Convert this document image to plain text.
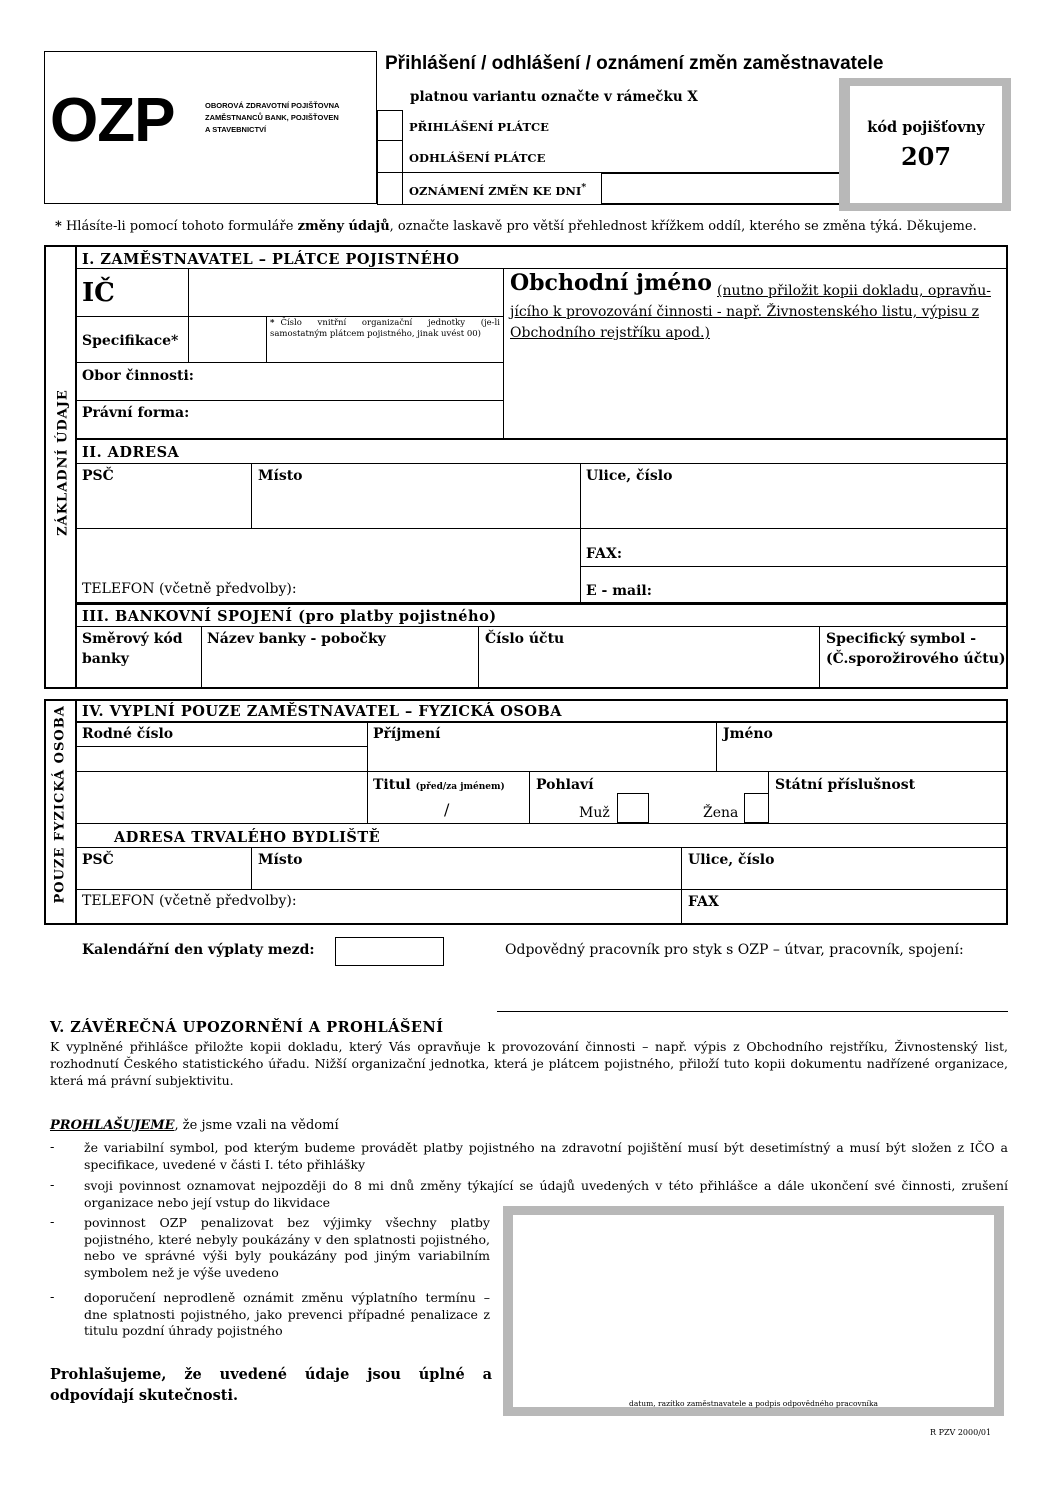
OZP	OBOROVÁ ZDRAVOTNÍ POJIŠŤOVNA
ZAMĚSTNANCŮ BANK, POJIŠŤOVEN
A STAVEBNICTVÍ
Přihlášení / odhlášení / oznámení změn zaměstnavatele
platnou variantu označte v rámečku X
PŘIHLÁŠENÍ PLÁTCE
ODHLÁŠENÍ PLÁTCE
OZNÁMENÍ ZMĚN KE DNI*
kód pojišťovny
207
* Hlásíte-li pomocí tohoto formuláře změny údajů, označte laskavě pro větší přehlednost křížkem oddíl, kterého se změna týká. Děkujeme.
ZÁKLADNÍ ÚDAJE
I. ZAMĚSTNAVATEL – PLÁTCE POJISTNÉHO
IČ
Specifikace*
* Číslo vnitřní organizační jednotky (je-li samostatným plátcem pojistného, jinak uvést 00)
Obor činnosti:
Právní forma:
Obchodní jméno (nutno přiložit kopii dokladu, opravňu-
jícího k provozování činnosti - např. Živnostenského listu, výpisu z
Obchodního rejstříku apod.)
II. ADRESA
PSČ	Místo	Ulice, číslo
FAX:
TELEFON (včetně předvolby):	E - mail:
III. BANKOVNÍ SPOJENÍ (pro platby pojistného)
Směrový kód
banky
Název banky - pobočky	Číslo účtu	Specifický symbol -
(Č.sporožirového účtu)
POUZE FYZICKÁ OSOBA IV. VYPLNÍ POUZE ZAMĚSTNAVATEL – FYZICKÁ OSOBA
Rodné číslo	Příjmení	Jméno
Titul (před/za jménem)
/
Pohlaví
Muž	Žena
Státní příslušnost
ADRESA TRVALÉHO BYDLIŠTĚ
PSČ	Místo	Ulice, číslo
TELEFON (včetně předvolby):	FAX
Kalendářní den výplaty mezd:	Odpovědný pracovník pro styk s OZP – útvar, pracovník, spojení:
V. ZÁVĚREČNÁ UPOZORNĚNÍ A PROHLÁŠENÍ
K vyplněné přihlášce přiložte kopii dokladu, který Vás opravňuje k provozování činnosti – např. výpis z Obchodního rejstříku, Živnostenský list, rozhodnutí Českého statistického úřadu. Nižší organizační jednotka, která je plátcem pojistného, přiloží tuto kopii dokumentu nadřízené organizace, která má právní subjektivitu.
PROHLAŠUJEME, že jsme vzali na vědomí
- že variabilní symbol, pod kterým budeme provádět platby pojistného na zdravotní pojištění musí být desetimístný a musí být složen z IČO a specifikace, uvedené v části I. této přihlášky
- svoji povinnost oznamovat nejpozději do 8 mi dnů změny týkající se údajů uvedených v této přihlášce a dále ukončení své činnosti, zrušení organizace nebo její vstup do likvidace
- povinnost OZP penalizovat bez výjimky všechny platby pojistného, které nebyly poukázány v den splatnosti pojistného, nebo ve správné výši byly poukázány pod jiným variabilním symbolem než je výše uvedeno
- doporučení neprodleně oznámit změnu výplatního termínu – dne splatnosti pojistného, jako prevenci případné penalizace z titulu pozdní úhrady pojistného
Prohlašujeme, že uvedené údaje jsou úplné a odpovídají skutečnosti.	datum, razítko zaměstnavatele a podpis odpovědného pracovníka
R PZV 2000/01
